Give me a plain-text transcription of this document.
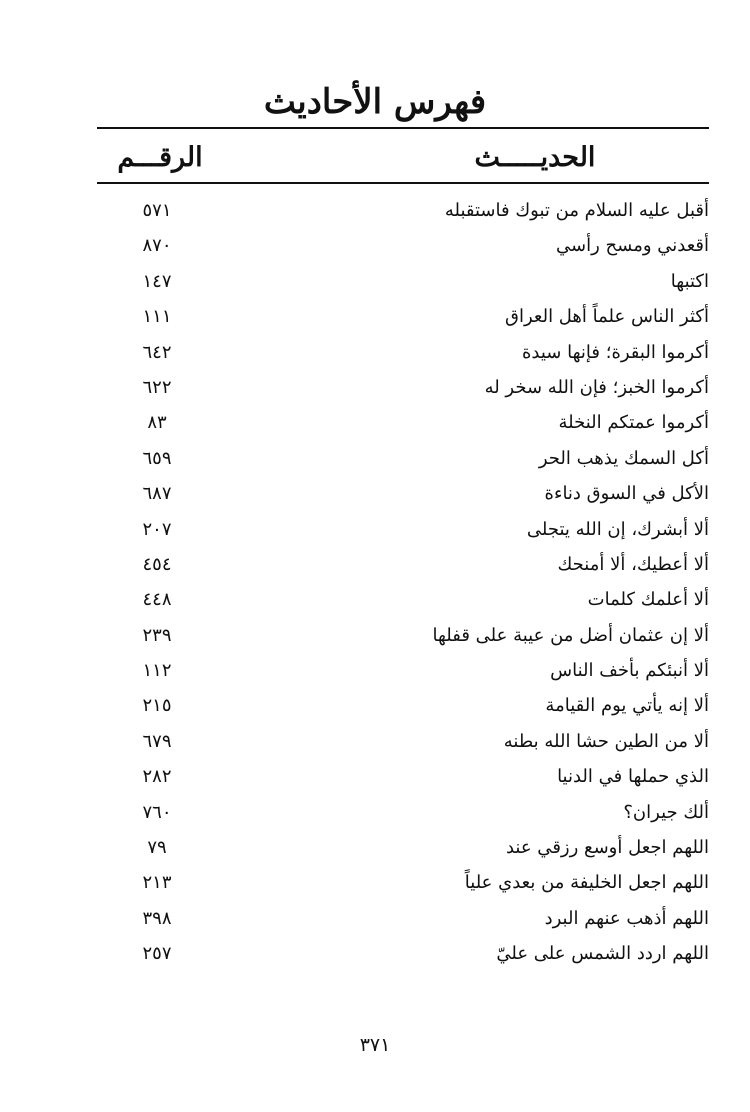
فهرس الأحاديث
الحديـــــث
الرقـــم
أقبل عليه السلام من تبوك فاستقبله
٥٧١
أقعدني ومسح رأسي
٨٧٠
اكتبها
١٤٧
أكثر الناس علماً أهل العراق
١١١
أكرموا البقرة؛ فإنها سيدة
٦٤٢
أكرموا الخبز؛ فإن الله سخر له
٦٢٢
أكرموا عمتكم النخلة
٨٣
أكل السمك يذهب الحر
٦٥٩
الأكل في السوق دناءة
٦٨٧
ألا أبشرك، إن الله يتجلى
٢٠٧
ألا أعطيك، ألا أمنحك
٤٥٤
ألا أعلمك كلمات
٤٤٨
ألا إن عثمان أضل من عيبة على قفلها
٢٣٩
ألا أنبئكم بأخف الناس
١١٢
ألا إنه يأتي يوم القيامة
٢١٥
ألا من الطين حشا الله بطنه
٦٧٩
الذي حملها في الدنيا
٢٨٢
ألك جيران؟
٧٦٠
اللهم اجعل أوسع رزقي عند
٧٩
اللهم اجعل الخليفة من بعدي علياً
٢١٣
اللهم أذهب عنهم البرد
٣٩٨
اللهم اردد الشمس على عليّ
٢٥٧
٣٧١
